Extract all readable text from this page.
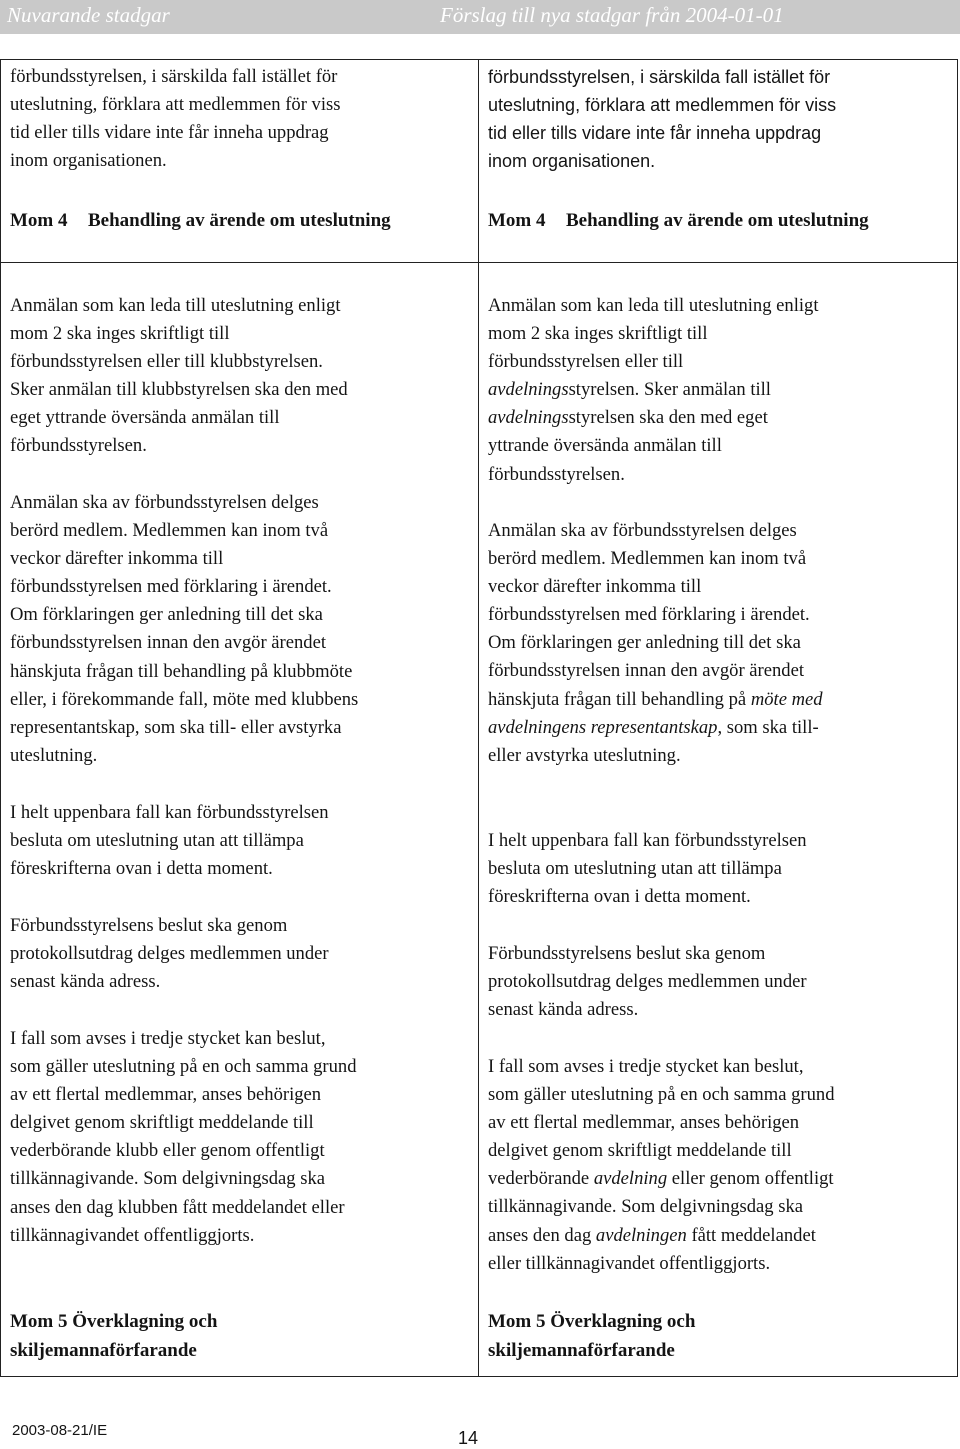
Nuvarande stadgar	Förslag till nya stadgar från 2004-01-01
förbundsstyrelsen, i särskilda fall istället för
uteslutning, förklara att medlemmen för viss
tid eller tills vidare inte får inneha uppdrag
inom organisationen.
Mom 4 Behandling av ärende om uteslutning
Anmälan som kan leda till uteslutning enligt
mom 2 ska inges skriftligt till
förbundsstyrelsen eller till klubbstyrelsen.
Sker anmälan till klubbstyrelsen ska den med
eget yttrande översända anmälan till
förbundsstyrelsen.
Anmälan ska av förbundsstyrelsen delges
berörd medlem. Medlemmen kan inom två
veckor därefter inkomma till
förbundsstyrelsen med förklaring i ärendet.
Om förklaringen ger anledning till det ska
förbundsstyrelsen innan den avgör ärendet
hänskjuta frågan till behandling på klubbmöte
eller, i förekommande fall, möte med klubbens
representantskap, som ska till- eller avstyrka
uteslutning.
I helt uppenbara fall kan förbundsstyrelsen
besluta om uteslutning utan att tillämpa
föreskrifterna ovan i detta moment.
Förbundsstyrelsens beslut ska genom
protokollsutdrag delges medlemmen under
senast kända adress.
I fall som avses i tredje stycket kan beslut,
som gäller uteslutning på en och samma grund
av ett flertal medlemmar, anses behörigen
delgivet genom skriftligt meddelande till
vederbörande klubb eller genom offentligt
tillkännagivande. Som delgivningsdag ska
anses den dag klubben fått meddelandet eller
tillkännagivandet offentliggjorts.
Mom 5 Överklagning och
skiljemannaförfarande
förbundsstyrelsen, i särskilda fall istället för
uteslutning, förklara att medlemmen för viss
tid eller tills vidare inte får inneha uppdrag
inom organisationen.
Mom 4 Behandling av ärende om uteslutning
Anmälan som kan leda till uteslutning enligt
mom 2 ska inges skriftligt till
förbundsstyrelsen eller till
avdelningsstyrelsen. Sker anmälan till
avdelningsstyrelsen ska den med eget
yttrande översända anmälan till
förbundsstyrelsen.
Anmälan ska av förbundsstyrelsen delges
berörd medlem. Medlemmen kan inom två
veckor därefter inkomma till
förbundsstyrelsen med förklaring i ärendet.
Om förklaringen ger anledning till det ska
förbundsstyrelsen innan den avgör ärendet
hänskjuta frågan till behandling på möte med
avdelningens representantskap, som ska till-
eller avstyrka uteslutning.
I helt uppenbara fall kan förbundsstyrelsen
besluta om uteslutning utan att tillämpa
föreskrifterna ovan i detta moment.
Förbundsstyrelsens beslut ska genom
protokollsutdrag delges medlemmen under
senast kända adress.
I fall som avses i tredje stycket kan beslut,
som gäller uteslutning på en och samma grund
av ett flertal medlemmar, anses behörigen
delgivet genom skriftligt meddelande till
vederbörande avdelning eller genom offentligt
tillkännagivande. Som delgivningsdag ska
anses den dag avdelningen fått meddelandet
eller tillkännagivandet offentliggjorts.
Mom 5 Överklagning och
skiljemannaförfarande
2003-08-21/IE	14
